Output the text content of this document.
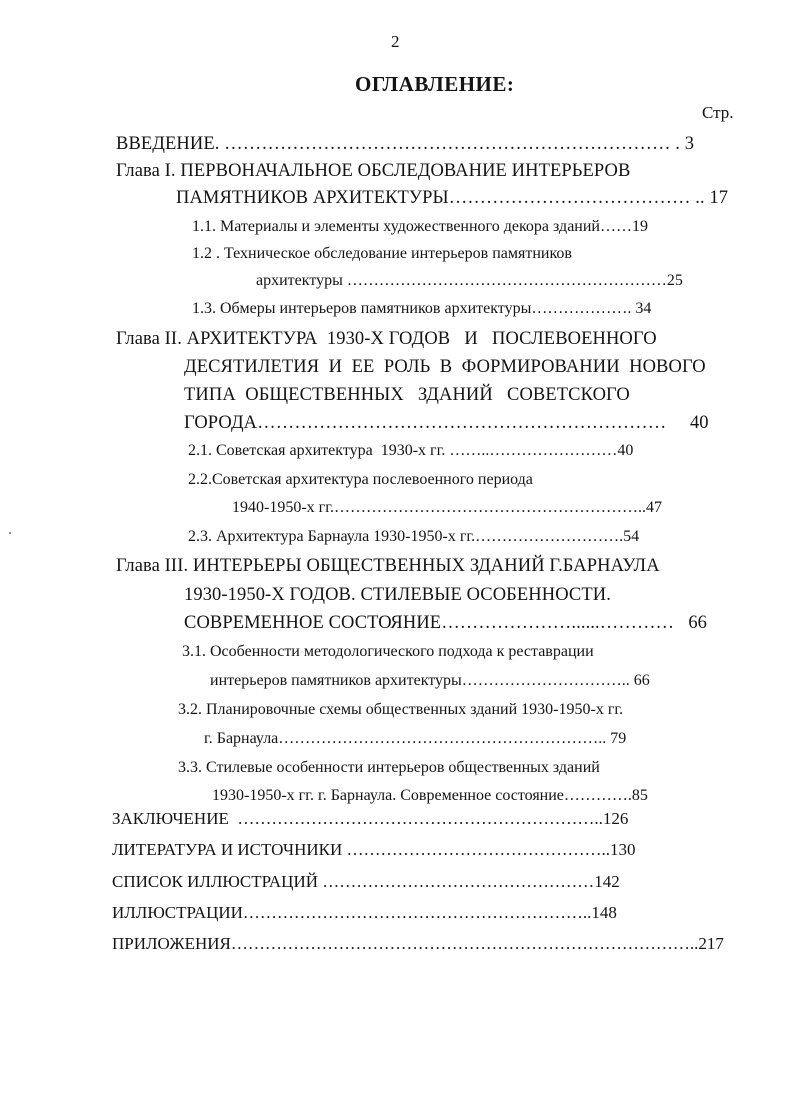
2
ОГЛАВЛЕНИЕ:
Стр.
ВВЕДЕНИЕ. ……………………………………………………………… . 3
Глава I. ПЕРВОНАЧАЛЬНОЕ ОБСЛЕДОВАНИЕ ИНТЕРЬЕРОВ
ПАМЯТНИКОВ АРХИТЕКТУРЫ………………………………… .. 17
1.1. Материалы и элементы художественного декора зданий……19
1.2 . Техническое обследование интерьеров памятников
архитектуры ……………………………………………………25
1.3. Обмеры интерьеров памятников архитектуры………………. 34
Глава II. АРХИТЕКТУРА  1930-Х ГОДОВ   И   ПОСЛЕВОЕННОГО
ДЕСЯТИЛЕТИЯ  И  ЕЕ  РОЛЬ  В  ФОРМИРОВАНИИ  НОВОГО
ТИПА  ОБЩЕСТВЕННЫХ   ЗДАНИЙ   СОВЕТСКОГО
ГОРОДА…………………………………………………………     40
2.1. Советская архитектура  1930-х гг. ……..……………………40
2.2.Советская архитектура послевоенного периода
1940-1950-х гг.…………………………………………………..47
2.3. Архитектура Барнаула 1930-1950-х гг.……………………….54
Глава III. ИНТЕРЬЕРЫ ОБЩЕСТВЕННЫХ ЗДАНИЙ Г.БАРНАУЛА
1930-1950-Х ГОДОВ. СТИЛЕВЫЕ ОСОБЕННОСТИ.
СОВРЕМЕННОЕ СОСТОЯНИЕ…………………......…………   66
3.1. Особенности методологического подхода к реставрации
интерьеров памятников архитектуры………………………….. 66
3.2. Планировочные схемы общественных зданий 1930-1950-х гг.
г. Барнаула…………………………………………………….. 79
3.3. Стилевые особенности интерьеров общественных зданий
1930-1950-х гг. г. Барнаула. Современное состояние………….85
ЗАКЛЮЧЕНИЕ  ………………………………………………………..126
ЛИТЕРАТУРА И ИСТОЧНИКИ ………………………………………..130
СПИСОК ИЛЛЮСТРАЦИЙ …………………………………………142
ИЛЛЮСТРАЦИИ……………………………………………………..148
ПРИЛОЖЕНИЯ………………………………………………………………………..217
